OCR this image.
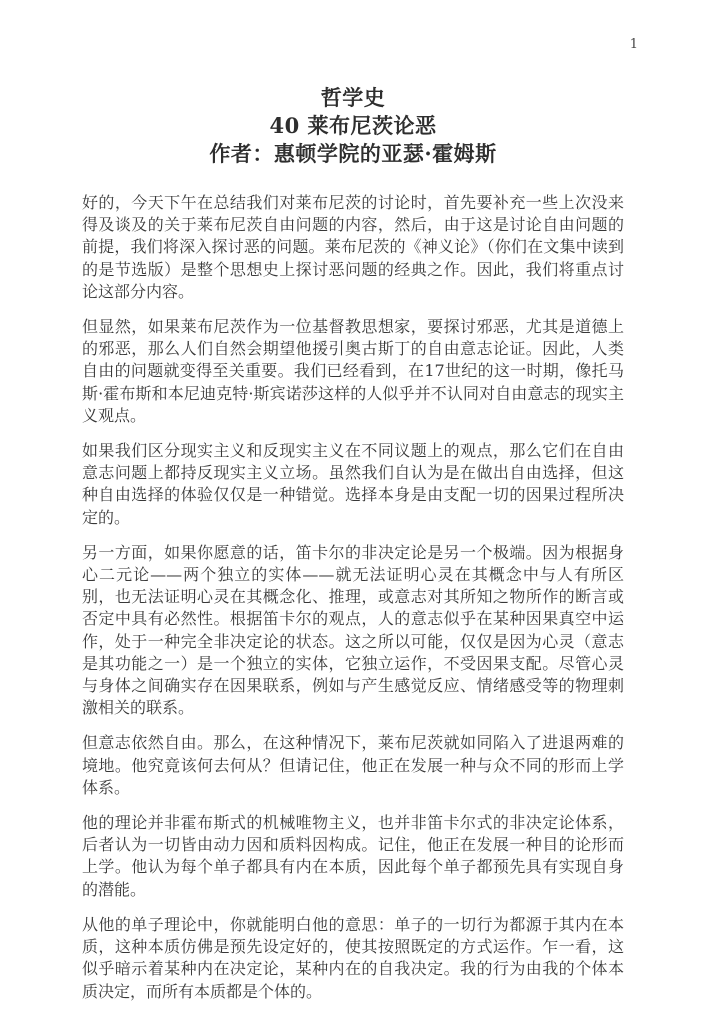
1
哲学史
40 莱布尼茨论恶
作者：惠顿学院的亚瑟·霍姆斯

好的，今天下午在总结我们对莱布尼茨的讨论时，首先要补充一些上次没来得及谈及的关于莱布尼茨自由问题的内容，然后，由于这是讨论自由问题的前提，我们将深入探讨恶的问题。莱布尼茨的《神义论》（你们在文集中读到的是节选版）是整个思想史上探讨恶问题的经典之作。因此，我们将重点讨论这部分内容。

但显然，如果莱布尼茨作为一位基督教思想家，要探讨邪恶，尤其是道德上的邪恶，那么人们自然会期望他援引奥古斯丁的自由意志论证。因此，人类自由的问题就变得至关重要。我们已经看到，在17世纪的这一时期，像托马斯·霍布斯和本尼迪克特·斯宾诺莎这样的人似乎并不认同对自由意志的现实主义观点。

如果我们区分现实主义和反现实主义在不同议题上的观点，那么它们在自由意志问题上都持反现实主义立场。虽然我们自认为是在做出自由选择，但这种自由选择的体验仅仅是一种错觉。选择本身是由支配一切的因果过程所决定的。

另一方面，如果你愿意的话，笛卡尔的非决定论是另一个极端。因为根据身心二元论——两个独立的实体——就无法证明心灵在其概念中与人有所区别，也无法证明心灵在其概念化、推理，或意志对其所知之物所作的断言或否定中具有必然性。根据笛卡尔的观点，人的意志似乎在某种因果真空中运作，处于一种完全非决定论的状态。这之所以可能，仅仅是因为心灵（意志是其功能之一）是一个独立的实体，它独立运作，不受因果支配。尽管心灵与身体之间确实存在因果联系，例如与产生感觉反应、情绪感受等的物理刺激相关的联系。

但意志依然自由。那么，在这种情况下，莱布尼茨就如同陷入了进退两难的境地。他究竟该何去何从？但请记住，他正在发展一种与众不同的形而上学体系。

他的理论并非霍布斯式的机械唯物主义，也并非笛卡尔式的非决定论体系，后者认为一切皆由动力因和质料因构成。记住，他正在发展一种目的论形而上学。他认为每个单子都具有内在本质，因此每个单子都预先具有实现自身的潜能。

从他的单子理论中，你就能明白他的意思：单子的一切行为都源于其内在本质，这种本质仿佛是预先设定好的，使其按照既定的方式运作。乍一看，这似乎暗示着某种内在决定论，某种内在的自我决定。我的行为由我的个体本质决定，而所有本质都是个体的。
